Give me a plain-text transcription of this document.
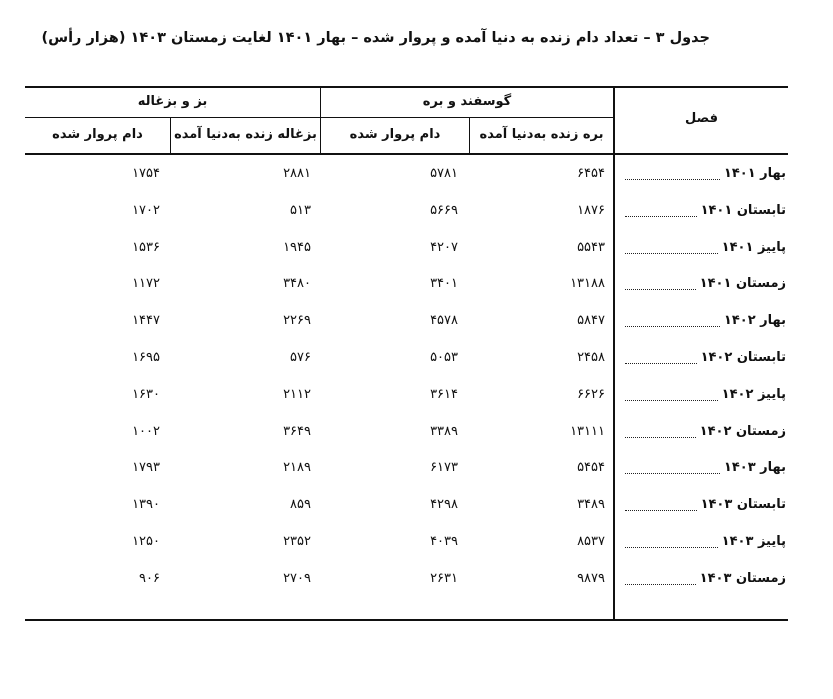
جدول ۳ – تعداد دام زنده به دنیا آمده و پروار شده – بهار ۱۴۰۱ لغایت زمستان ۱۴۰۳ (هزار رأس)
فصل
گوسفند و بره
بز و بزغاله
بره زنده به‌دنیا آمده
دام پروار شده
بزغاله زنده به‌دنیا آمده
دام پروار شده
بهار ۱۴۰۱
۶۴۵۴
۵۷۸۱
۲۸۸۱
۱۷۵۴
تابستان ۱۴۰۱
۱۸۷۶
۵۶۶۹
۵۱۳
۱۷۰۲
پاییز ۱۴۰۱
۵۵۴۳
۴۲۰۷
۱۹۴۵
۱۵۳۶
زمستان ۱۴۰۱
۱۳۱۸۸
۳۴۰۱
۳۴۸۰
۱۱۷۲
بهار ۱۴۰۲
۵۸۴۷
۴۵۷۸
۲۲۶۹
۱۴۴۷
تابستان ۱۴۰۲
۲۴۵۸
۵۰۵۳
۵۷۶
۱۶۹۵
پاییز ۱۴۰۲
۶۶۲۶
۳۶۱۴
۲۱۱۲
۱۶۳۰
زمستان ۱۴۰۲
۱۳۱۱۱
۳۳۸۹
۳۶۴۹
۱۰۰۲
بهار ۱۴۰۳
۵۴۵۴
۶۱۷۳
۲۱۸۹
۱۷۹۳
تابستان ۱۴۰۳
۳۴۸۹
۴۲۹۸
۸۵۹
۱۳۹۰
پاییز ۱۴۰۳
۸۵۳۷
۴۰۳۹
۲۳۵۲
۱۲۵۰
زمستان ۱۴۰۳
۹۸۷۹
۲۶۳۱
۲۷۰۹
۹۰۶
